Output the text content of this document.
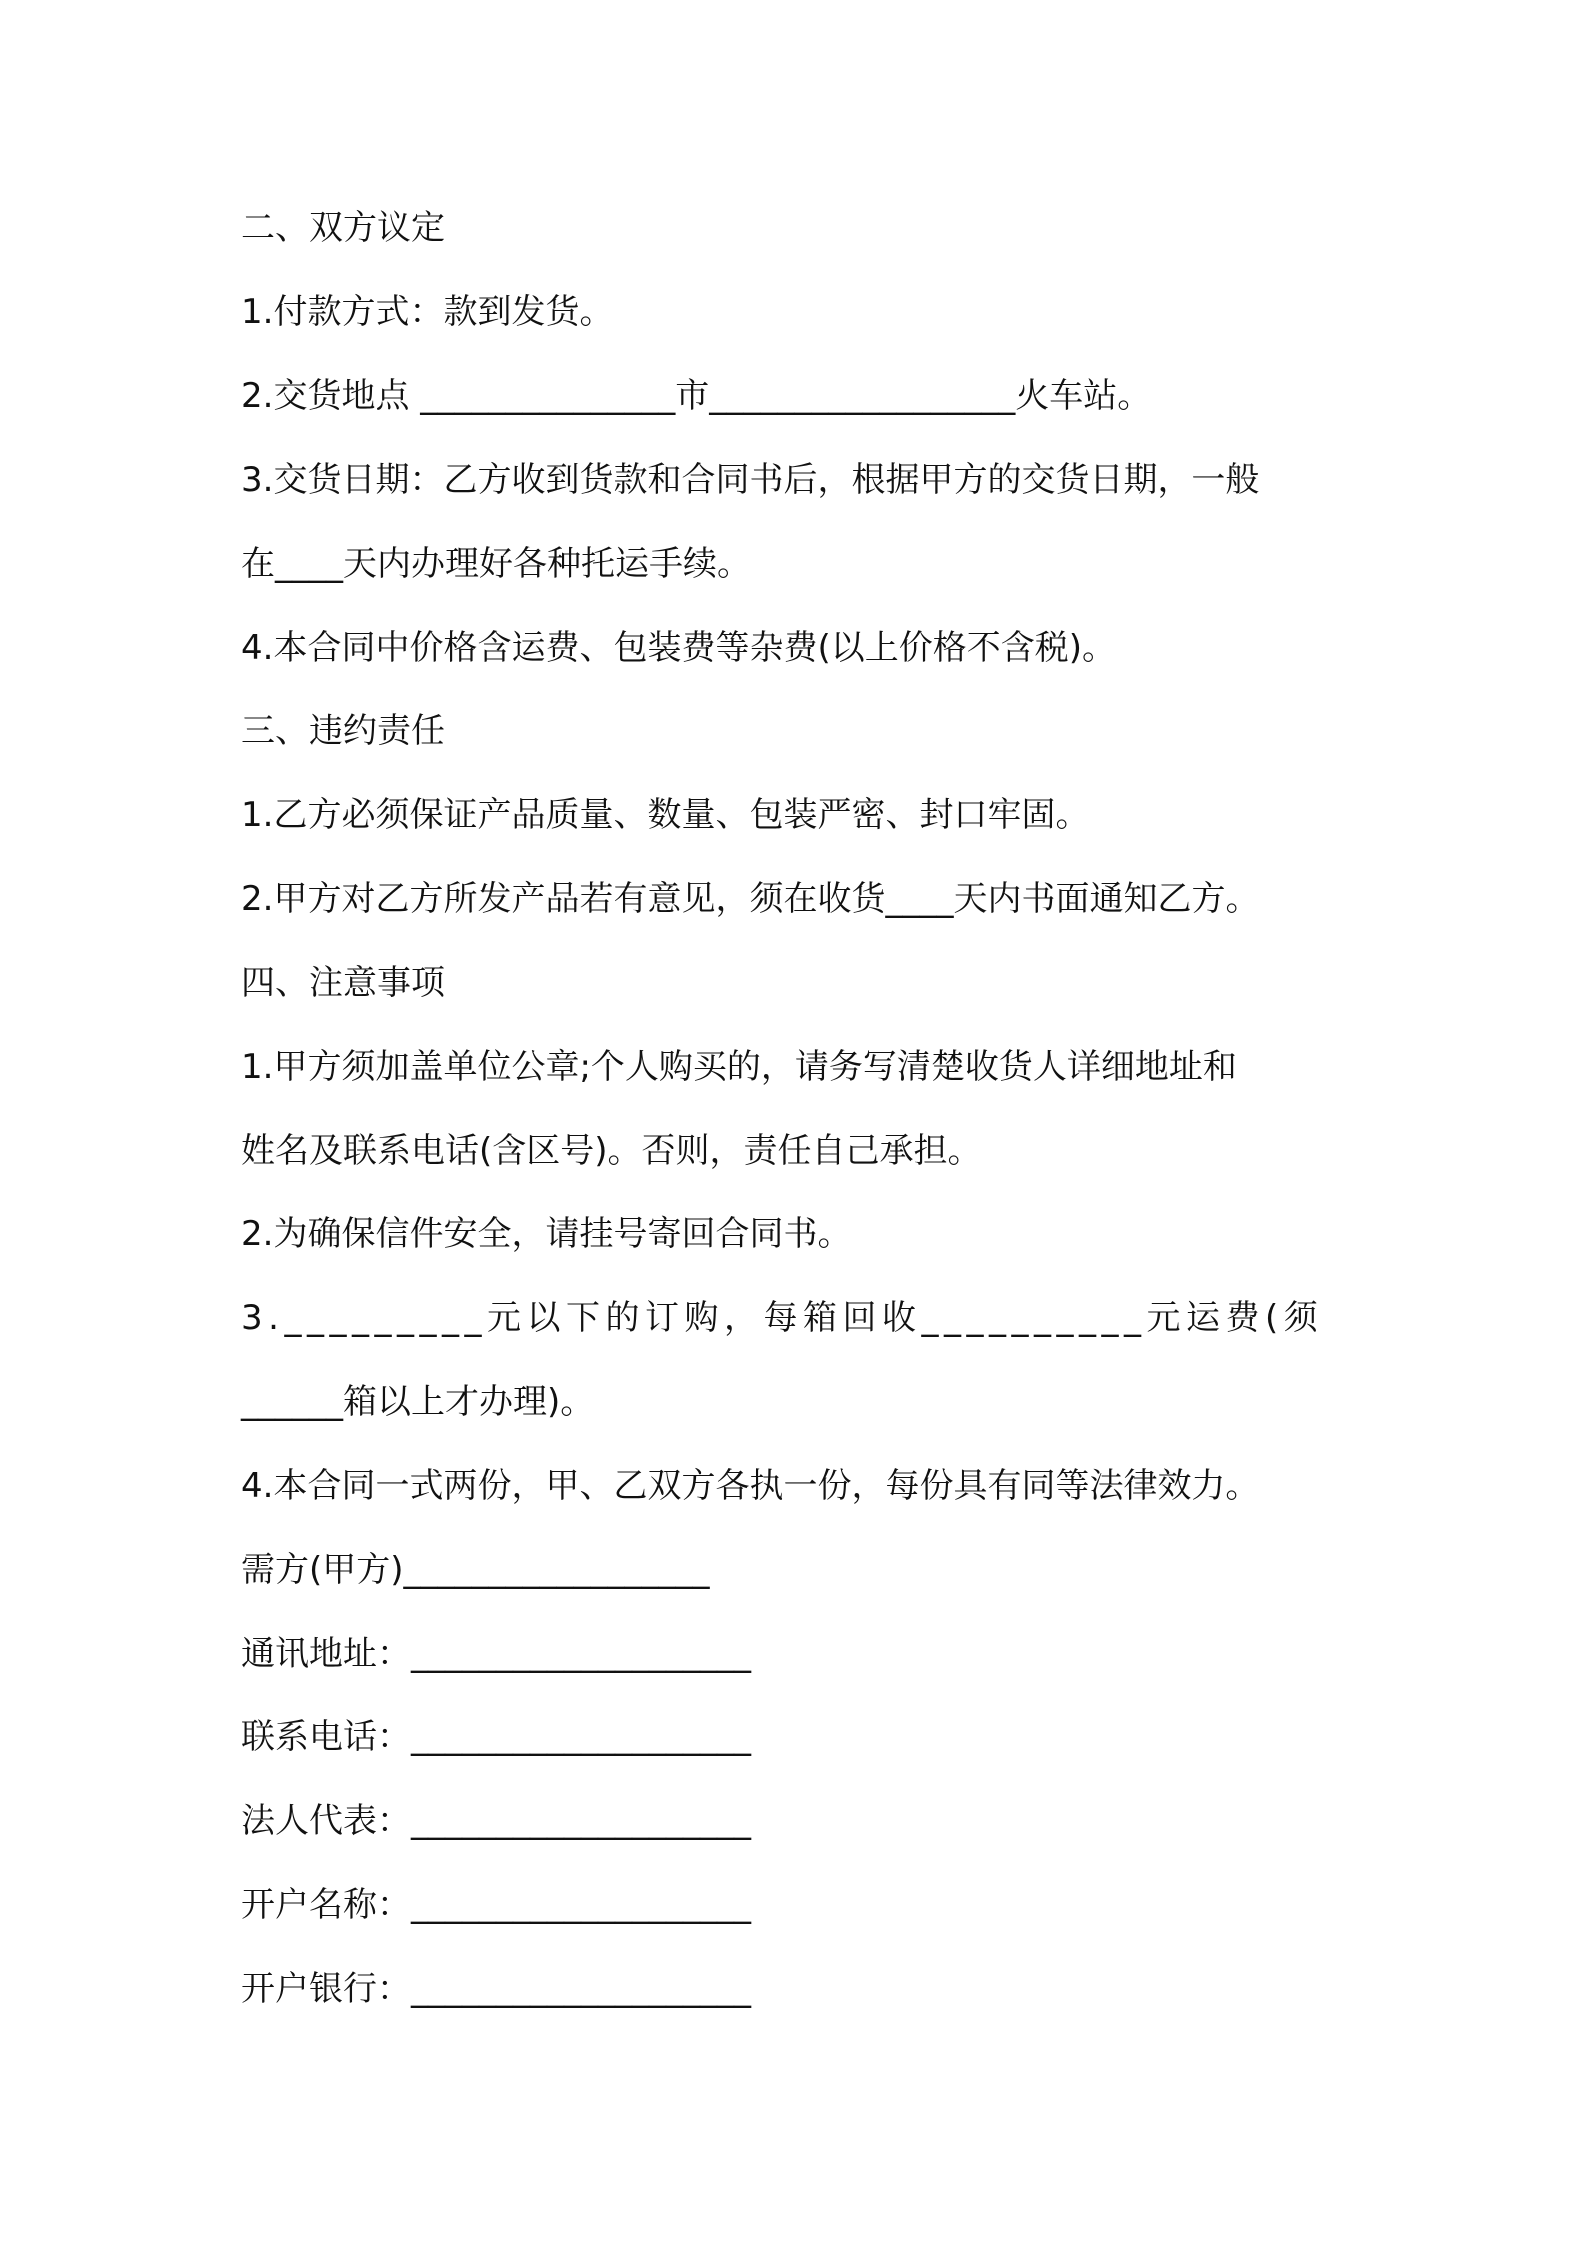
二、双方议定

1.付款方式：款到发货。

2.交货地点 _______________市__________________火车站。

3.交货日期：乙方收到货款和合同书后，根据甲方的交货日期，一般

在____天内办理好各种托运手续。

4.本合同中价格含运费、包装费等杂费(以上价格不含税)。

三、违约责任

1.乙方必须保证产品质量、数量、包装严密、封口牢固。

2.甲方对乙方所发产品若有意见，须在收货____天内书面通知乙方。

四、注意事项

1.甲方须加盖单位公章;个人购买的，请务写清楚收货人详细地址和

姓名及联系电话(含区号)。否则，责任自己承担。

2.为确保信件安全，请挂号寄回合同书。

3._________元以下的订购，每箱回收__________元运费(须

______箱以上才办理)。

4.本合同一式两份，甲、乙双方各执一份，每份具有同等法律效力。

需方(甲方)__________________

通讯地址：____________________

联系电话：____________________

法人代表：____________________

开户名称：____________________

开户银行：____________________
